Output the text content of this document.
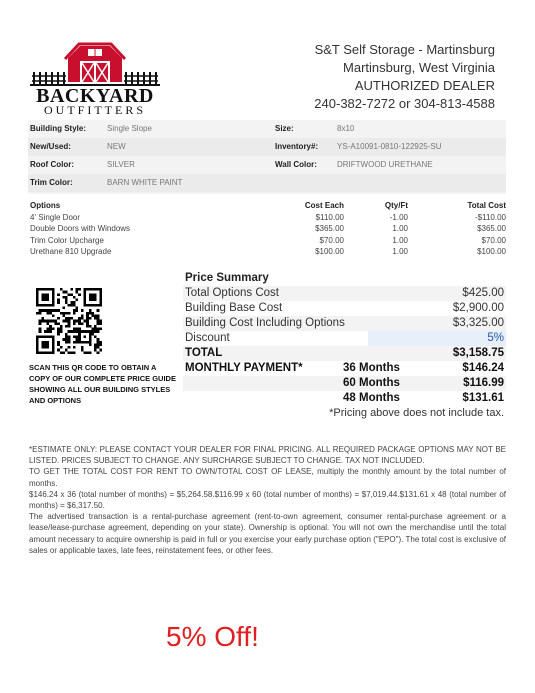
BACKYARD
OUTFITTERS
S&T Self Storage - Martinsburg
Martinsburg, West Virginia
AUTHORIZED DEALER
240-382-7272 or 304-813-4588
Building Style:	Single Slope	Size:	8x10
New/Used:	NEW	Inventory#: YS-A10091-0810-122925-SU
Roof Color:	SILVER	Wall Color:	DRIFTWOOD URETHANE
Trim Color:	BARN WHITE PAINT
Options	Cost Each	Qty/Ft	Total Cost
4' Single Door	$110.00	-1.00	-$110.00
Double Doors with Windows	$365.00	1.00	$365.00
Trim Color Upcharge	$70.00	1.00	$70.00
Urethane 810 Upgrade	$100.00	1.00	$100.00
SCAN THIS QR CODE TO OBTAIN A COPY OF OUR COMPLETE PRICE GUIDE SHOWING ALL OUR BUILDING STYLES AND OPTIONS
Price Summary
Total Options Cost	$425.00
Building Base Cost	$2,900.00
Building Cost Including Options	$3,325.00
Discount	5%
TOTAL	$3,158.75
MONTHLY PAYMENT*	36 Months	$146.24
60 Months	$116.99
48 Months	$131.61
*Pricing above does not include tax.
*ESTIMATE ONLY: PLEASE CONTACT YOUR DEALER FOR FINAL PRICING. ALL REQUIRED PACKAGE OPTIONS MAY NOT BE LISTED. PRICES SUBJECT TO CHANGE. ANY SURCHARGE SUBJECT TO CHANGE. TAX NOT INCLUDED.
TO GET THE TOTAL COST FOR RENT TO OWN/TOTAL COST OF LEASE, multiply the monthly amount by the total number of months.
$146.24 x 36 (total number of months) = $5,264.58.$116.99 x 60 (total number of months) = $7,019.44.$131.61 x 48 (total number of months) = $6,317.50.
The advertised transaction is a rental-purchase agreement (rent-to-own agreement, consumer rental-purchase agreement or a lease/lease-purchase agreement, depending on your state). Ownership is optional. You will not own the merchandise until the total amount necessary to acquire ownership is paid in full or you exercise your early purchase option ("EPO"). The total cost is exclusive of sales or applicable taxes, late fees, reinstatement fees, or other fees.
5% Off!
